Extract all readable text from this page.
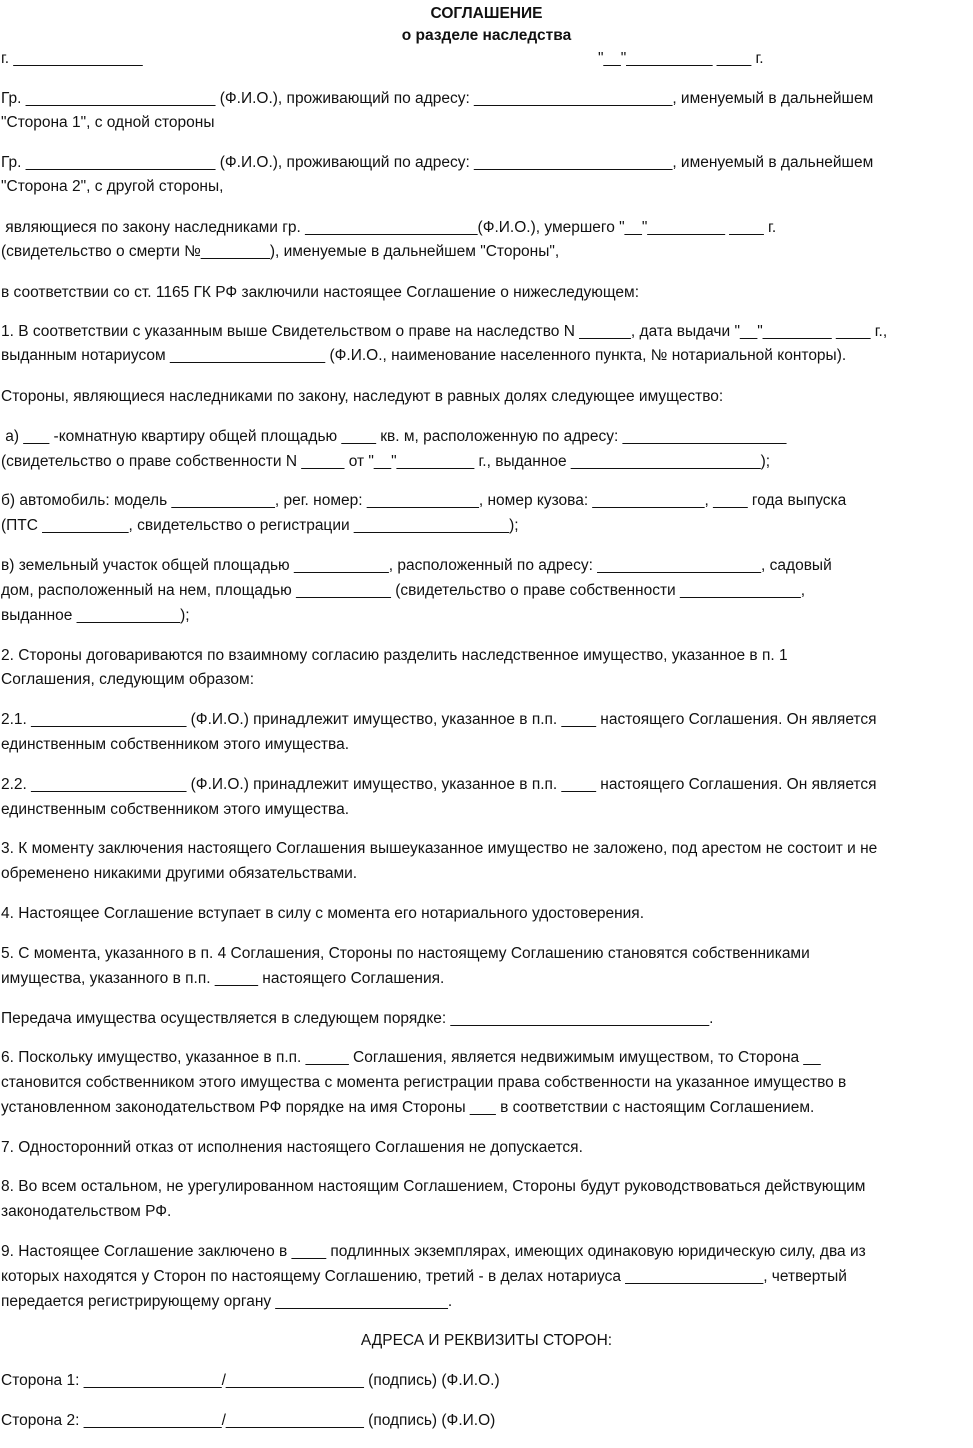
СОГЛАШЕНИЕ
о разделе наследства
г. _______________	"__"__________ ____ г.
Гр. ______________________ (Ф.И.О.), проживающий по адресу: _______________________, именуемый в дальнейшем
"Сторона 1", с одной стороны
Гр. ______________________ (Ф.И.О.), проживающий по адресу: _______________________, именуемый в дальнейшем
"Сторона 2", с другой стороны,
являющиеся по закону наследниками гр. ____________________(Ф.И.О.), умершего "__"_________ ____ г.
(свидетельство о смерти №________), именуемые в дальнейшем "Стороны",
в соответствии со ст. 1165 ГК РФ заключили настоящее Соглашение о нижеследующем:
1. В соответствии с указанным выше Свидетельством о праве на наследство N ______, дата выдачи "__"________ ____ г.,
выданным нотариусом __________________ (Ф.И.О., наименование населенного пункта, № нотариальной конторы).
Стороны, являющиеся наследниками по закону, наследуют в равных долях следующее имущество:
а) ___ -комнатную квартиру общей площадью ____ кв. м, расположенную по адресу: ___________________
(свидетельство о праве собственности N _____ от "__"_________ г., выданное ______________________);
б) автомобиль: модель ____________, рег. номер: _____________, номер кузова: _____________, ____ года выпуска
(ПТС __________, свидетельство о регистрации __________________);
в) земельный участок общей площадью ___________, расположенный по адресу: ___________________, садовый
дом, расположенный на нем, площадью ___________ (свидетельство о праве собственности ______________,
выданное ____________);
2. Стороны договариваются по взаимному согласию разделить наследственное имущество, указанное в п. 1
Соглашения, следующим образом:
2.1. __________________ (Ф.И.О.) принадлежит имущество, указанное в п.п. ____ настоящего Соглашения. Он является
единственным собственником этого имущества.
2.2. __________________ (Ф.И.О.) принадлежит имущество, указанное в п.п. ____ настоящего Соглашения. Он является
единственным собственником этого имущества.
3. К моменту заключения настоящего Соглашения вышеуказанное имущество не заложено, под арестом не состоит и не
обременено никакими другими обязательствами.
4. Настоящее Соглашение вступает в силу с момента его нотариального удостоверения.
5. С момента, указанного в п. 4 Соглашения, Стороны по настоящему Соглашению становятся собственниками
имущества, указанного в п.п. _____ настоящего Соглашения.
Передача имущества осуществляется в следующем порядке: ______________________________.
6. Поскольку имущество, указанное в п.п. _____ Соглашения, является недвижимым имуществом, то Сторона __
становится собственником этого имущества с момента регистрации права собственности на указанное имущество в
установленном законодательством РФ порядке на имя Стороны ___ в соответствии с настоящим Соглашением.
7. Односторонний отказ от исполнения настоящего Соглашения не допускается.
8. Во всем остальном, не урегулированном настоящим Соглашением, Стороны будут руководствоваться действующим
законодательством РФ.
9. Настоящее Соглашение заключено в ____ подлинных экземплярах, имеющих одинаковую юридическую силу, два из
которых находятся у Сторон по настоящему Соглашению, третий - в делах нотариуса ________________, четвертый
передается регистрирующему органу ____________________.
АДРЕСА И РЕКВИЗИТЫ СТОРОН:
Сторона 1: ________________/________________ (подпись) (Ф.И.О.)
Сторона 2: ________________/________________ (подпись) (Ф.И.О)
